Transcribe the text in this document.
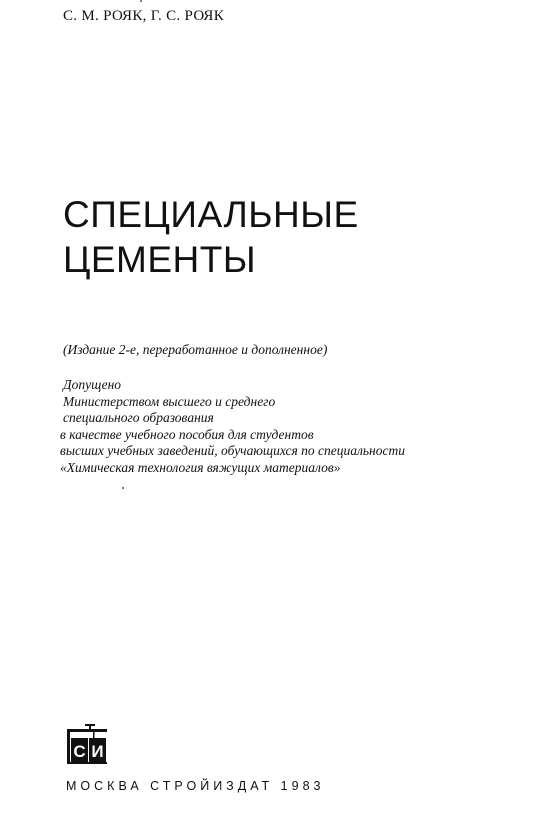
С. М. РОЯК, Г. С. РОЯК
СПЕЦИАЛЬНЫЕ
ЦЕМЕНТЫ
(Издание 2-е, переработанное и дополненное)
Допущено
Министерством высшего и среднего
специального образования
в качестве учебного пособия для студентов
высших учебных заведений, обучающихся по специальности
«Химическая технология вяжущих материалов»
С И
МОСКВА СТРОЙИЗДАТ 1983
